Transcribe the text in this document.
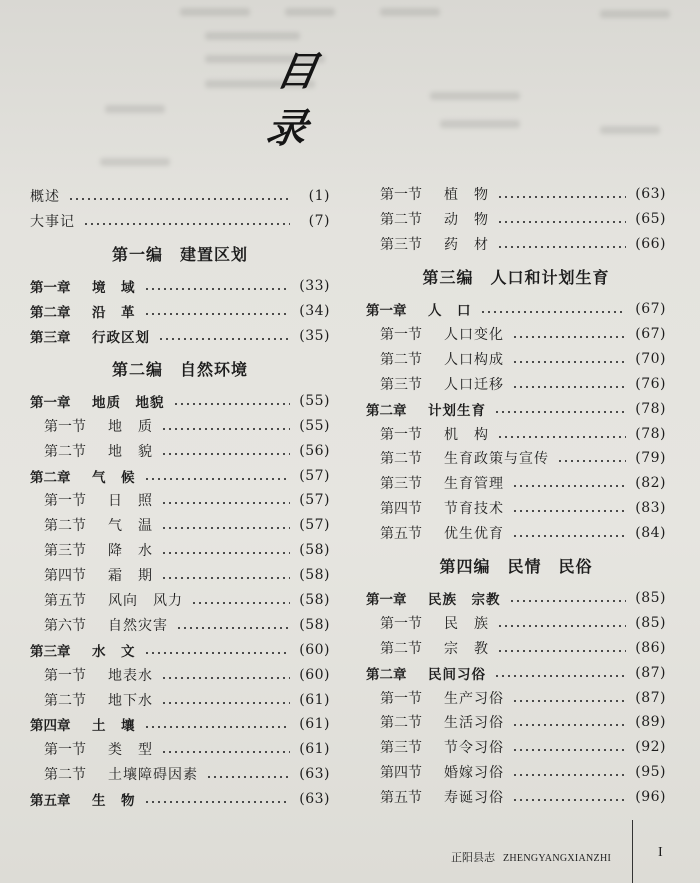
目 录
概述	(1)
大事记	(7)
第一编　建置区划
第一章	境　域	(33)
第二章	沿　革	(34)
第三章	行政区划	(35)
第二编　自然环境
第一章	地质　地貌	(55)
第一节	地　质	(55)
第二节	地　貌	(56)
第二章	气　候	(57)
第一节	日　照	(57)
第二节	气　温	(57)
第三节	降　水	(58)
第四节	霜　期	(58)
第五节	风向　风力	(58)
第六节	自然灾害	(58)
第三章	水　文	(60)
第一节	地表水	(60)
第二节	地下水	(61)
第四章	土　壤	(61)
第一节	类　型	(61)
第二节	土壤障碍因素	(63)
第五章	生　物	(63)
第一节	植　物	(63)
第二节	动　物	(65)
第三节	药　材	(66)
第三编　人口和计划生育
第一章	人　口	(67)
第一节	人口变化	(67)
第二节	人口构成	(70)
第三节	人口迁移	(76)
第二章	计划生育	(78)
第一节	机　构	(78)
第二节	生育政策与宣传	(79)
第三节	生育管理	(82)
第四节	节育技术	(83)
第五节	优生优育	(84)
第四编　民情　民俗
第一章	民族　宗教	(85)
第一节	民　族	(85)
第二节	宗　教	(86)
第二章	民间习俗	(87)
第一节	生产习俗	(87)
第二节	生活习俗	(89)
第三节	节令习俗	(92)
第四节	婚嫁习俗	(95)
第五节	寿诞习俗	(96)
正阳县志 ZHENGYANGXIANZHI	I
